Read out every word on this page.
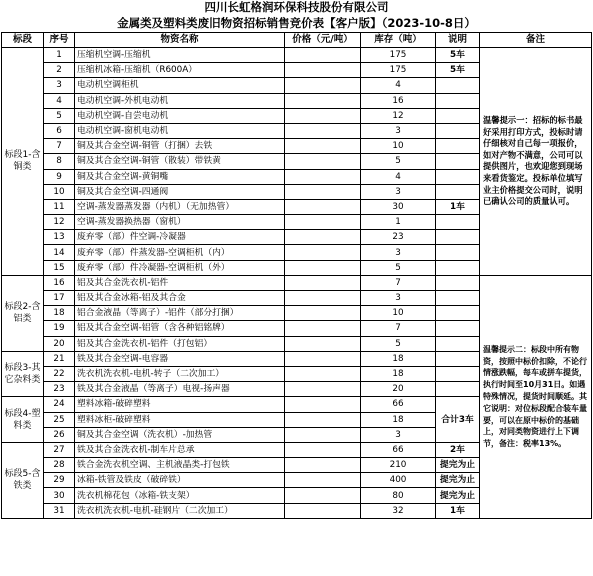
四川长虹格润环保科技股份有限公司
金属类及塑料类废旧物资招标销售竞价表【客户版】（2023-10-8日）
标段	序号	物资名称	价格（元/吨）	库存（吨）	说明	备注
标段1-含铜类	1	压缩机空调-压缩机		175	5车	温馨提示一：招标的标书最好采用打印方式，投标时请仔细核对自己每一项报价，如对产物不满意，公司可以提供图片，也欢迎您到现场来看货鉴定。投标单位填写业主价格提交公司时，说明已确认公司的质量认可。
	2	压缩机冰箱-压缩机（R600A）		175	5车	
	3	电动机空调柜机		4		
	4	电动机空调-外机电动机		16		
	5	电动机空调-自尝电动机		12		
	6	电动机空调-窗机电动机		3		
	7	铜及其合金空调-铜管（打捆）去铁		10		
	8	铜及其合金空调-铜管（散装）带铁黄		5		
	9	铜及其合金空调-黄铜嘴		4		
	10	铜及其合金空调-四通阀		3		
	11	空调-蒸发器蒸发器（内机）（无加热管）		30	1车	
	12	空调-蒸发器换热器（窗机）		1		
	13	废弃零（部）件空调-冷凝器		23		
	14	废弃零（部）件蒸发器-空调柜机（内）		3		
	15	废弃零（部）件冷凝器-空调柜机（外）		5		
标段2-含铝类	16	铝及其合金洗衣机-铝件		7		温馨提示二：标段中所有物资，按照中标价扣除，不论行情涨跌幅，每车或拼车提货，执行时间至10月31日。如遇特殊情况，提货时间顺延。其它说明：对位标段配合装车量要，可以在原中标价的基础上，对同类物资进行上下调节，备注：税率13%。
	17	铝及其合金冰箱-铝及其合金		3		
	18	铝合金液晶（等离子）-铝件（部分打捆）		10		
	19	铝及其合金空调-铝管（含各种铝铭牌）		7		
	20	铝及其合金洗衣机-铝件（打包铝）		5		
标段3-其它杂料类	21	铁及其合金空调-电容器		18		
	22	洗衣机洗衣机-电机-转子（二次加工）		18		
	23	铁及其合金液晶（等离子）电视-扬声器		20		
标段4-塑料类	24	塑料冰箱-破碎塑料		66	合计3车	
	25	塑料冰柜-破碎塑料		18		
	26	铜及其合金空调（洗衣机）-加热管		3		
标段5-含铁类	27	铁及其合金洗衣机-制车片总承		66	2车	
	28	铁合金洗衣机空调、主机液晶类-打包铁		210	提完为止	
	29	冰箱-铁管及铁皮（破碎铁）		400	提完为止	
	30	洗衣机棉花包（冰箱-铁支架）		80	提完为止	
	31	洗衣机洗衣机-电机-硅钢片（二次加工）		32	1车	
